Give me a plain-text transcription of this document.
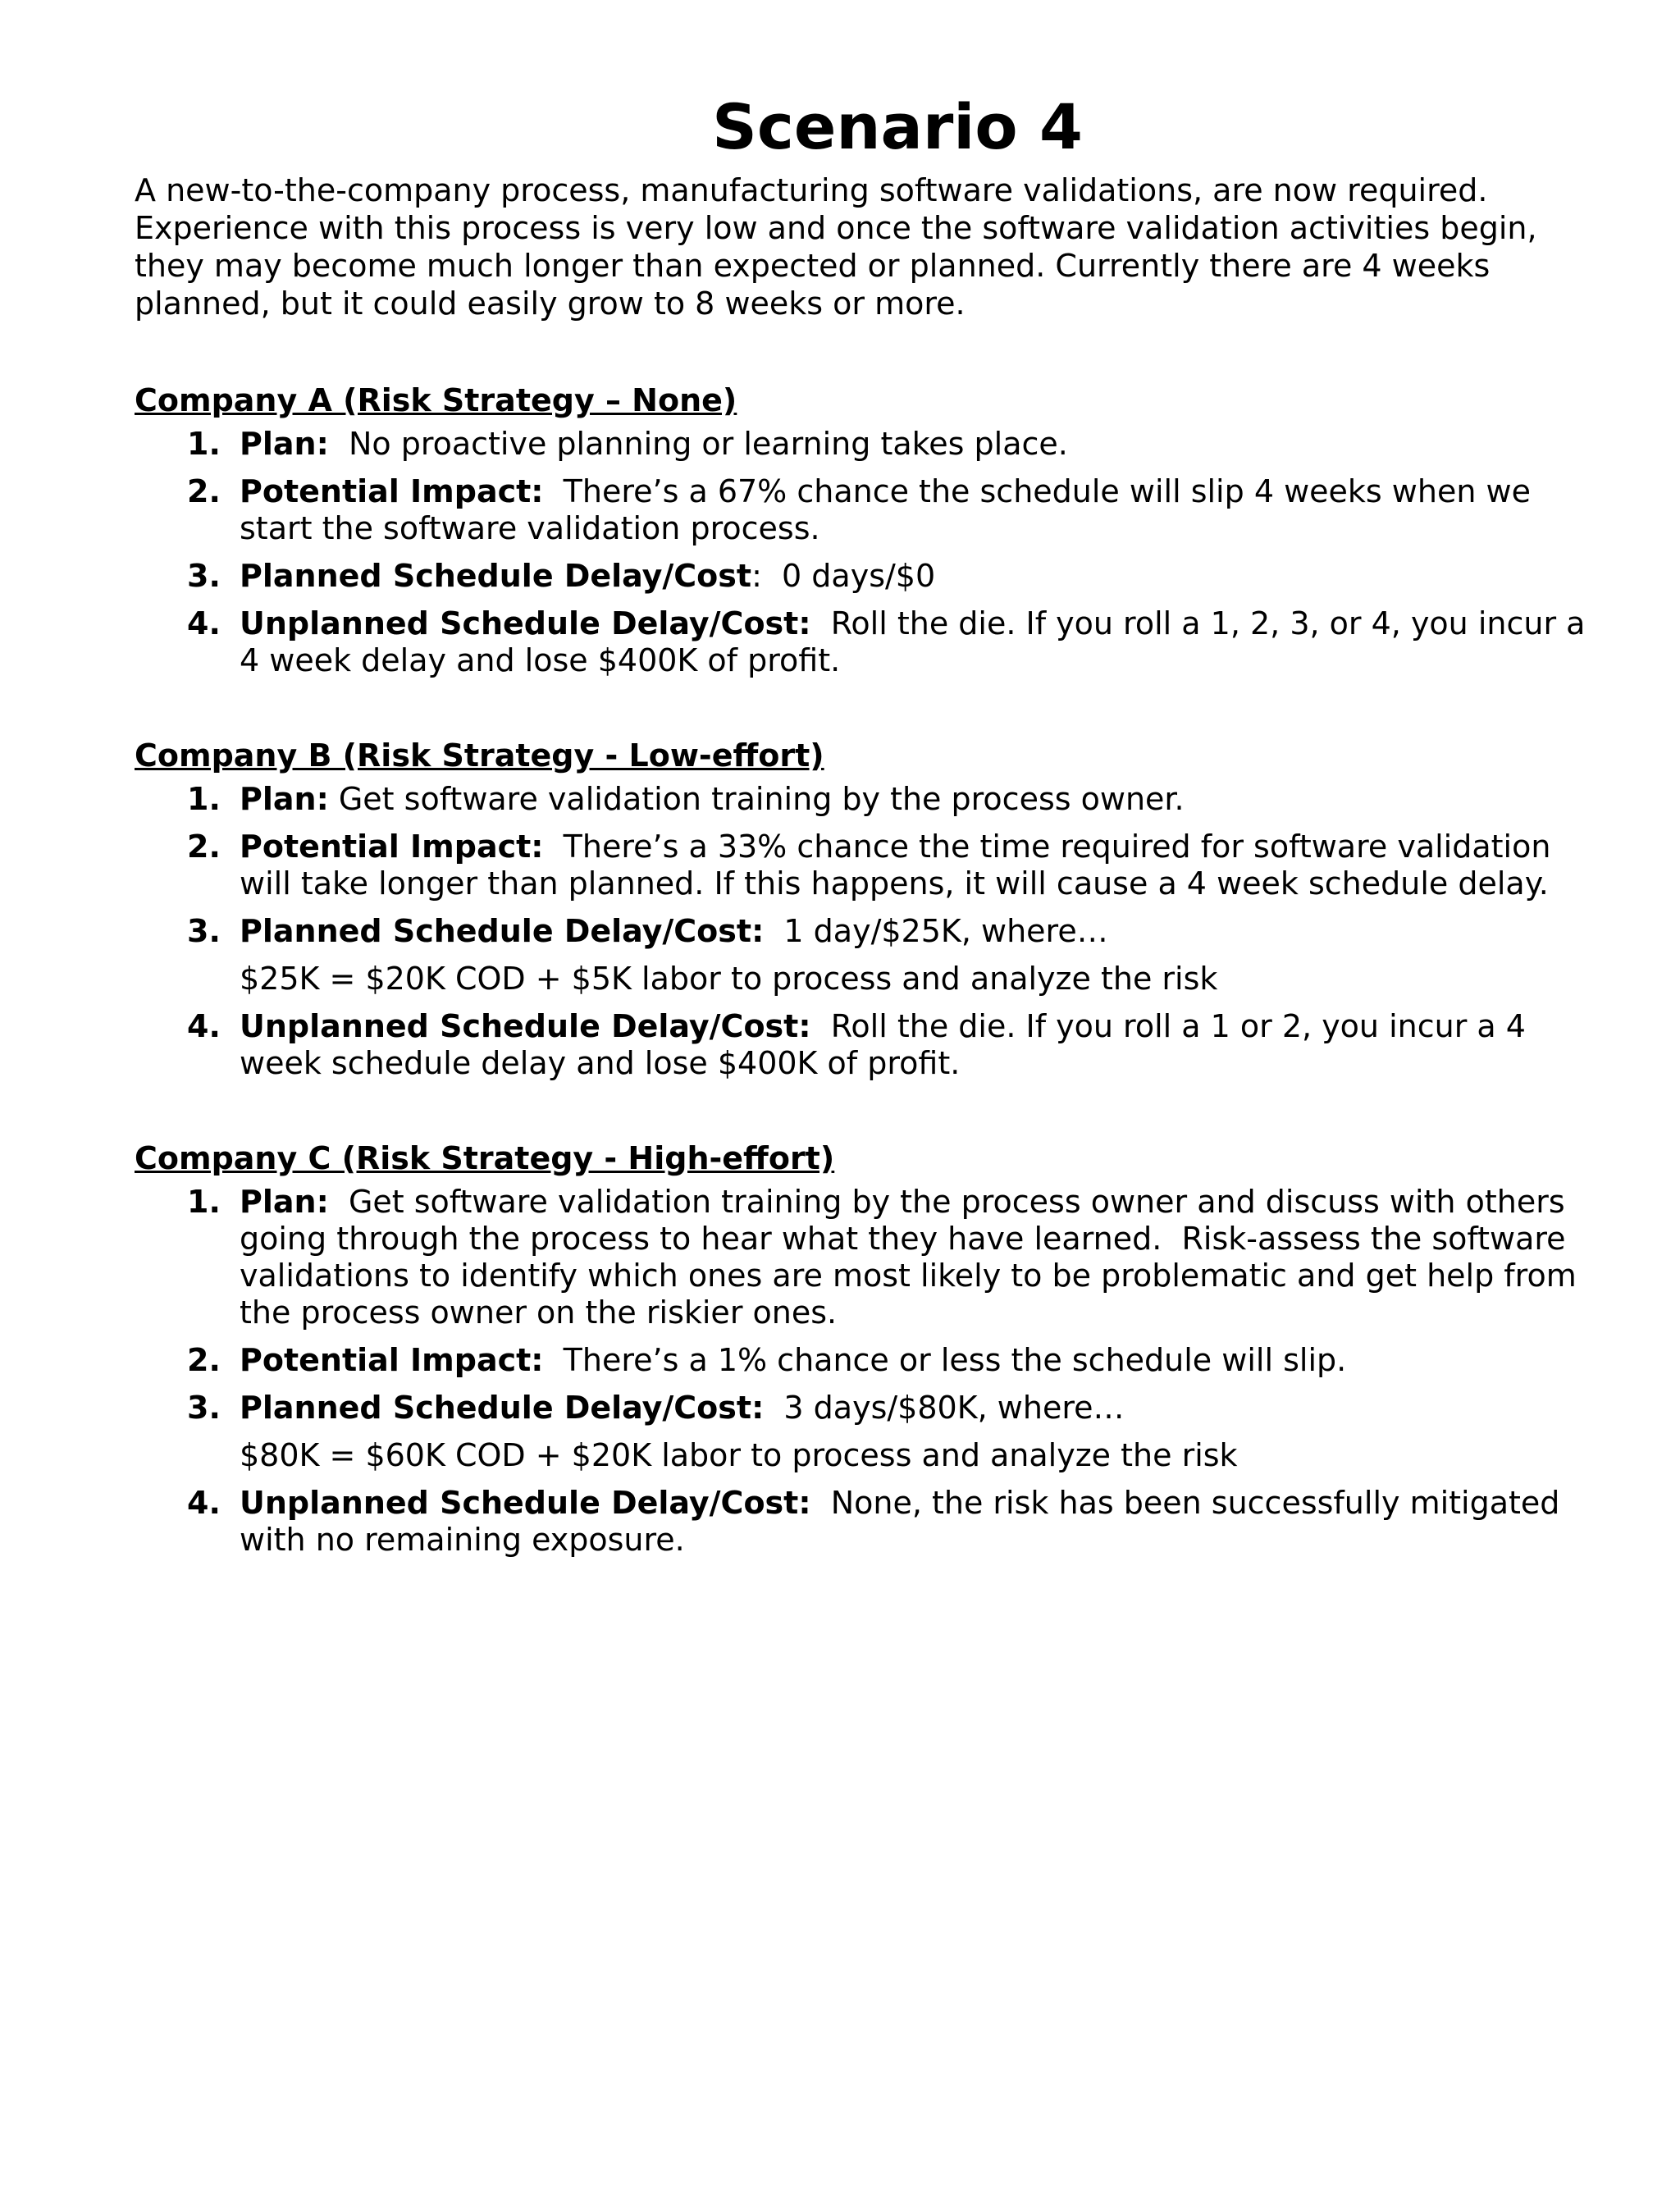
Scenario 4

A new-to-the-company process, manufacturing software validations, are now required. Experience with this process is very low and once the software validation activities begin, they may become much longer than expected or planned. Currently there are 4 weeks planned, but it could easily grow to 8 weeks or more.

Company A (Risk Strategy – None)

1. Plan:  No proactive planning or learning takes place.
2. Potential Impact:  There’s a 67% chance the schedule will slip 4 weeks when we start the software validation process.
3. Planned Schedule Delay/Cost:  0 days/$0
4. Unplanned Schedule Delay/Cost:  Roll the die. If you roll a 1, 2, 3, or 4, you incur a 4 week delay and lose $400K of profit.

Company B (Risk Strategy - Low-effort)

1. Plan: Get software validation training by the process owner.
2. Potential Impact:  There’s a 33% chance the time required for software validation will take longer than planned. If this happens, it will cause a 4 week schedule delay.
3. Planned Schedule Delay/Cost:  1 day/$25K, where…
$25K = $20K COD + $5K labor to process and analyze the risk
4. Unplanned Schedule Delay/Cost:  Roll the die. If you roll a 1 or 2, you incur a 4 week schedule delay and lose $400K of profit.

Company C (Risk Strategy - High-effort)

1. Plan:  Get software validation training by the process owner and discuss with others going through the process to hear what they have learned.  Risk-assess the software validations to identify which ones are most likely to be problematic and get help from the process owner on the riskier ones.
2. Potential Impact:  There’s a 1% chance or less the schedule will slip.
3. Planned Schedule Delay/Cost:  3 days/$80K, where…
$80K = $60K COD + $20K labor to process and analyze the risk
4. Unplanned Schedule Delay/Cost:  None, the risk has been successfully mitigated with no remaining exposure.
